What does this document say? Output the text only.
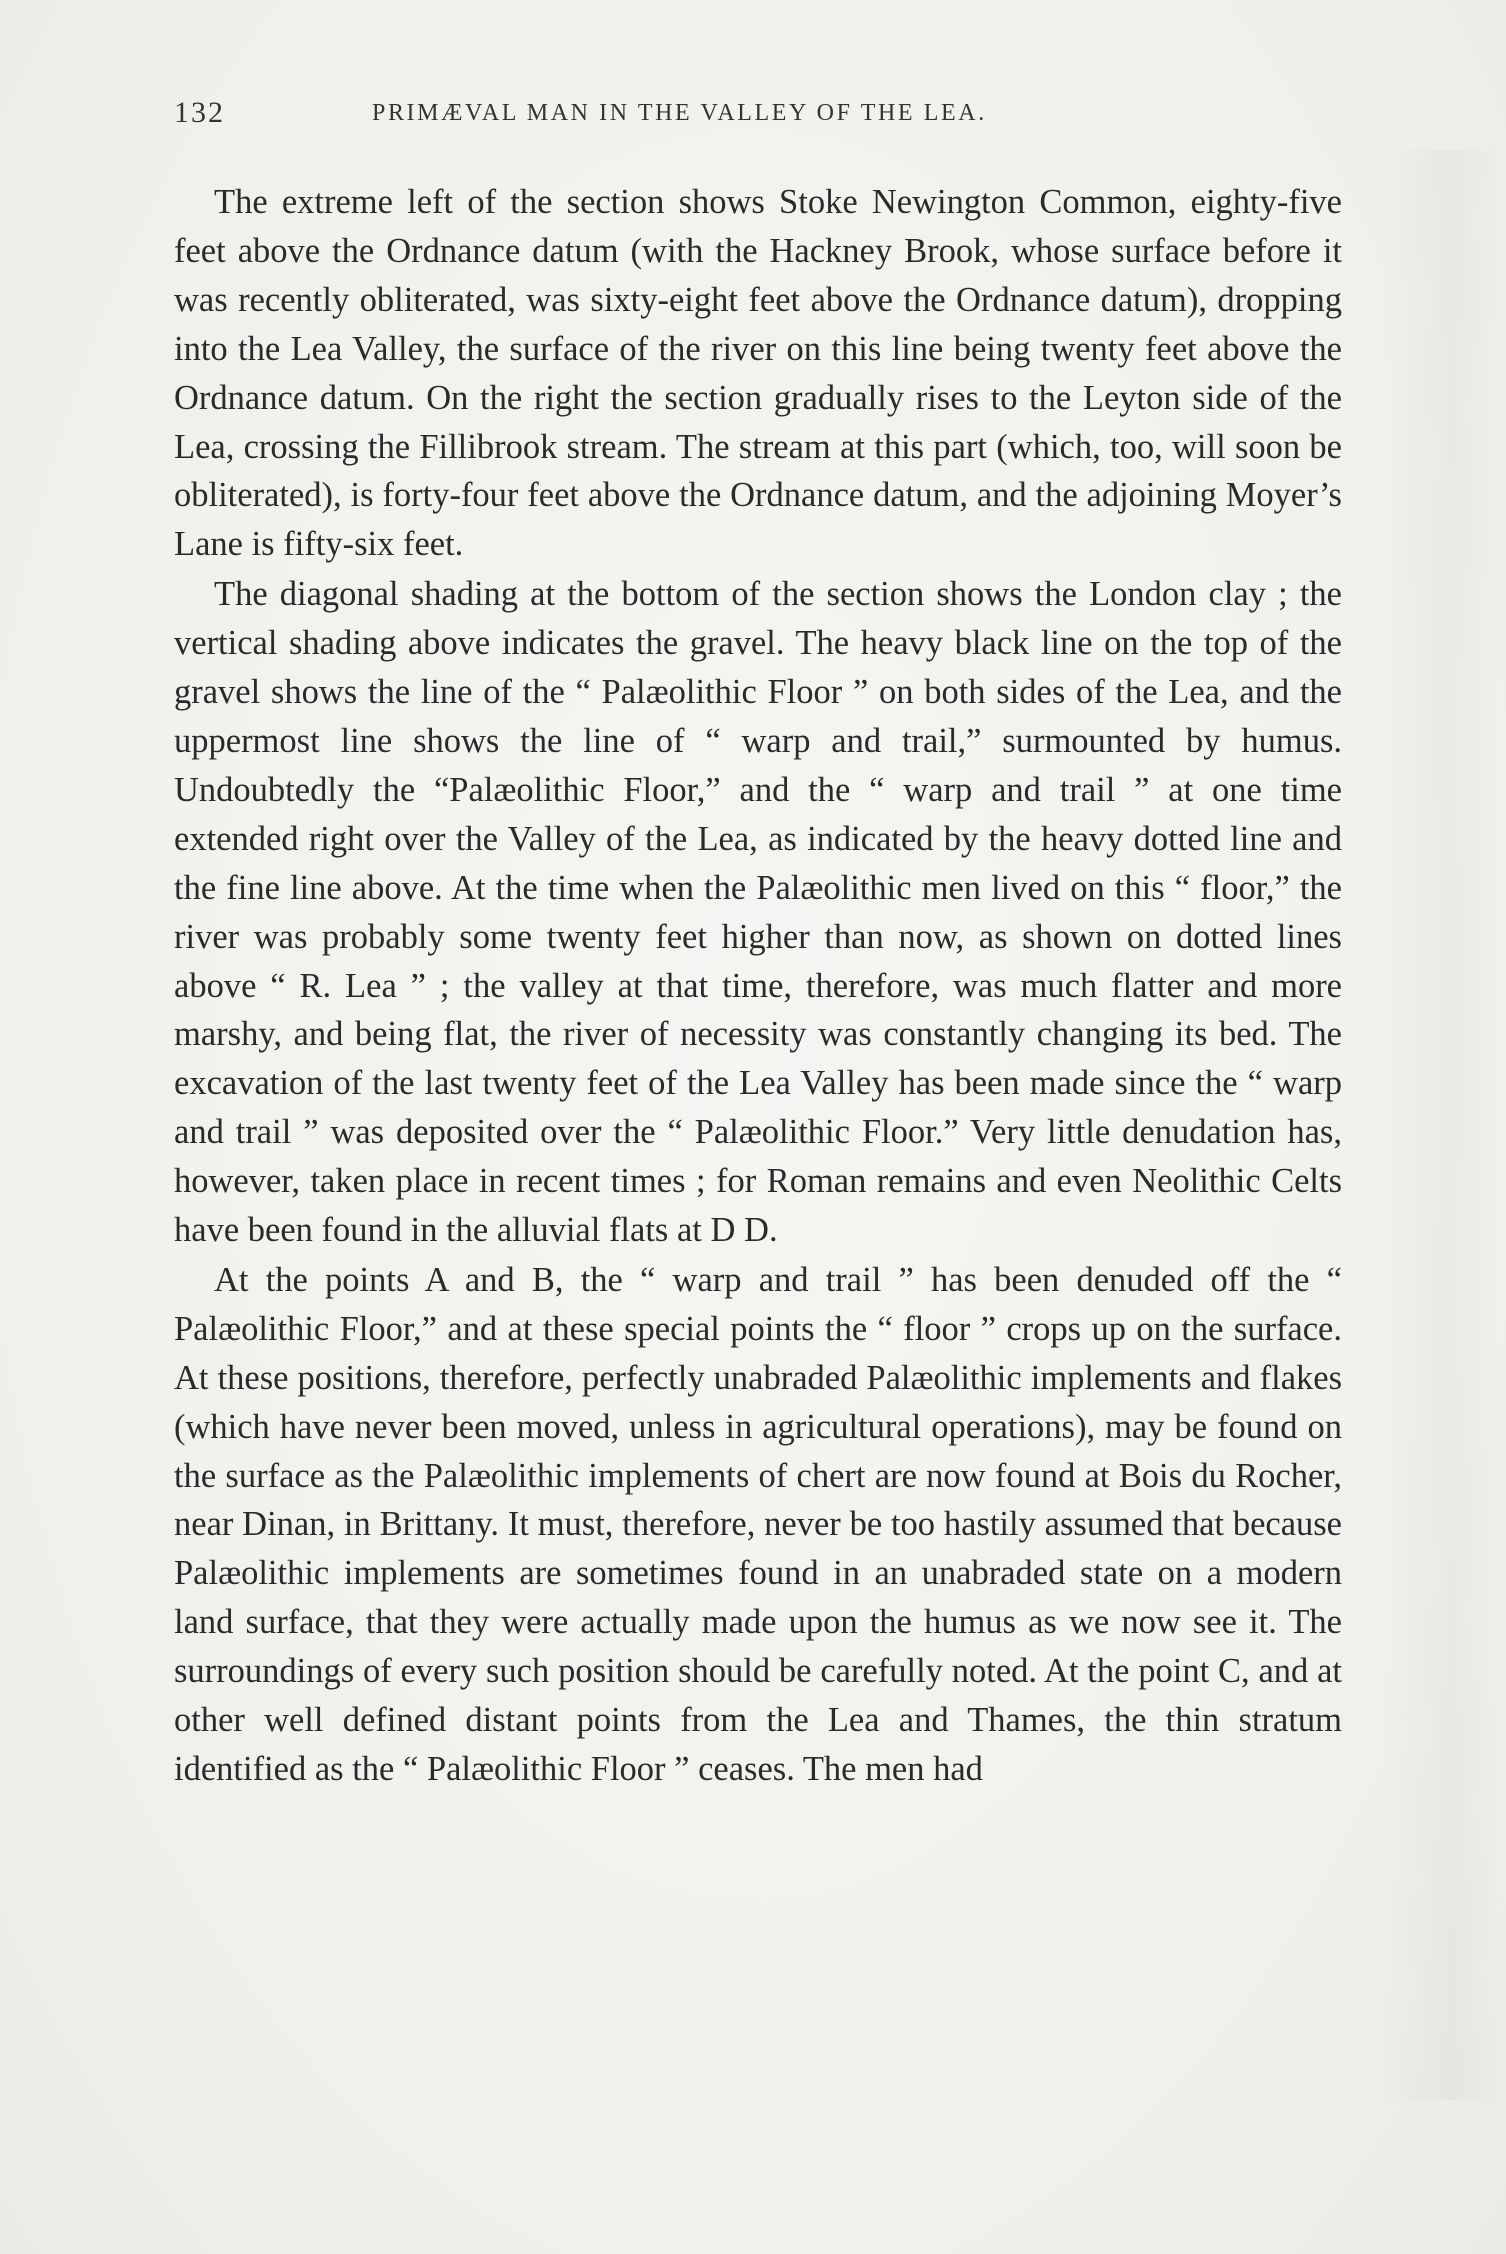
132	PRIMÆVAL MAN IN THE VALLEY OF THE LEA.

The extreme left of the section shows Stoke Newington Common, eighty-five feet above the Ordnance datum (with the Hackney Brook, whose surface before it was recently obliterated, was sixty-eight feet above the Ordnance datum), dropping into the Lea Valley, the surface of the river on this line being twenty feet above the Ordnance datum. On the right the section gradually rises to the Leyton side of the Lea, crossing the Fillibrook stream. The stream at this part (which, too, will soon be obliterated), is forty-four feet above the Ordnance datum, and the adjoining Moyer’s Lane is fifty-six feet.

The diagonal shading at the bottom of the section shows the London clay ; the vertical shading above indicates the gravel. The heavy black line on the top of the gravel shows the line of the “ Palæolithic Floor ” on both sides of the Lea, and the uppermost line shows the line of “ warp and trail,” surmounted by humus. Undoubtedly the “Palæolithic Floor,” and the “ warp and trail ” at one time extended right over the Valley of the Lea, as indicated by the heavy dotted line and the fine line above. At the time when the Palæolithic men lived on this “ floor,” the river was probably some twenty feet higher than now, as shown on dotted lines above “ R. Lea ” ; the valley at that time, therefore, was much flatter and more marshy, and being flat, the river of necessity was constantly changing its bed. The excavation of the last twenty feet of the Lea Valley has been made since the “ warp and trail ” was deposited over the “ Palæolithic Floor.” Very little denudation has, however, taken place in recent times ; for Roman remains and even Neolithic Celts have been found in the alluvial flats at D D.

At the points A and B, the “ warp and trail ” has been denuded off the “ Palæolithic Floor,” and at these special points the “ floor ” crops up on the surface. At these positions, therefore, perfectly unabraded Palæolithic implements and flakes (which have never been moved, unless in agricultural operations), may be found on the surface as the Palæolithic implements of chert are now found at Bois du Rocher, near Dinan, in Brittany. It must, therefore, never be too hastily assumed that because Palæolithic implements are sometimes found in an unabraded state on a modern land surface, that they were actually made upon the humus as we now see it. The surroundings of every such position should be carefully noted. At the point C, and at other well defined distant points from the Lea and Thames, the thin stratum identified as the “ Palæolithic Floor ” ceases. The men had
